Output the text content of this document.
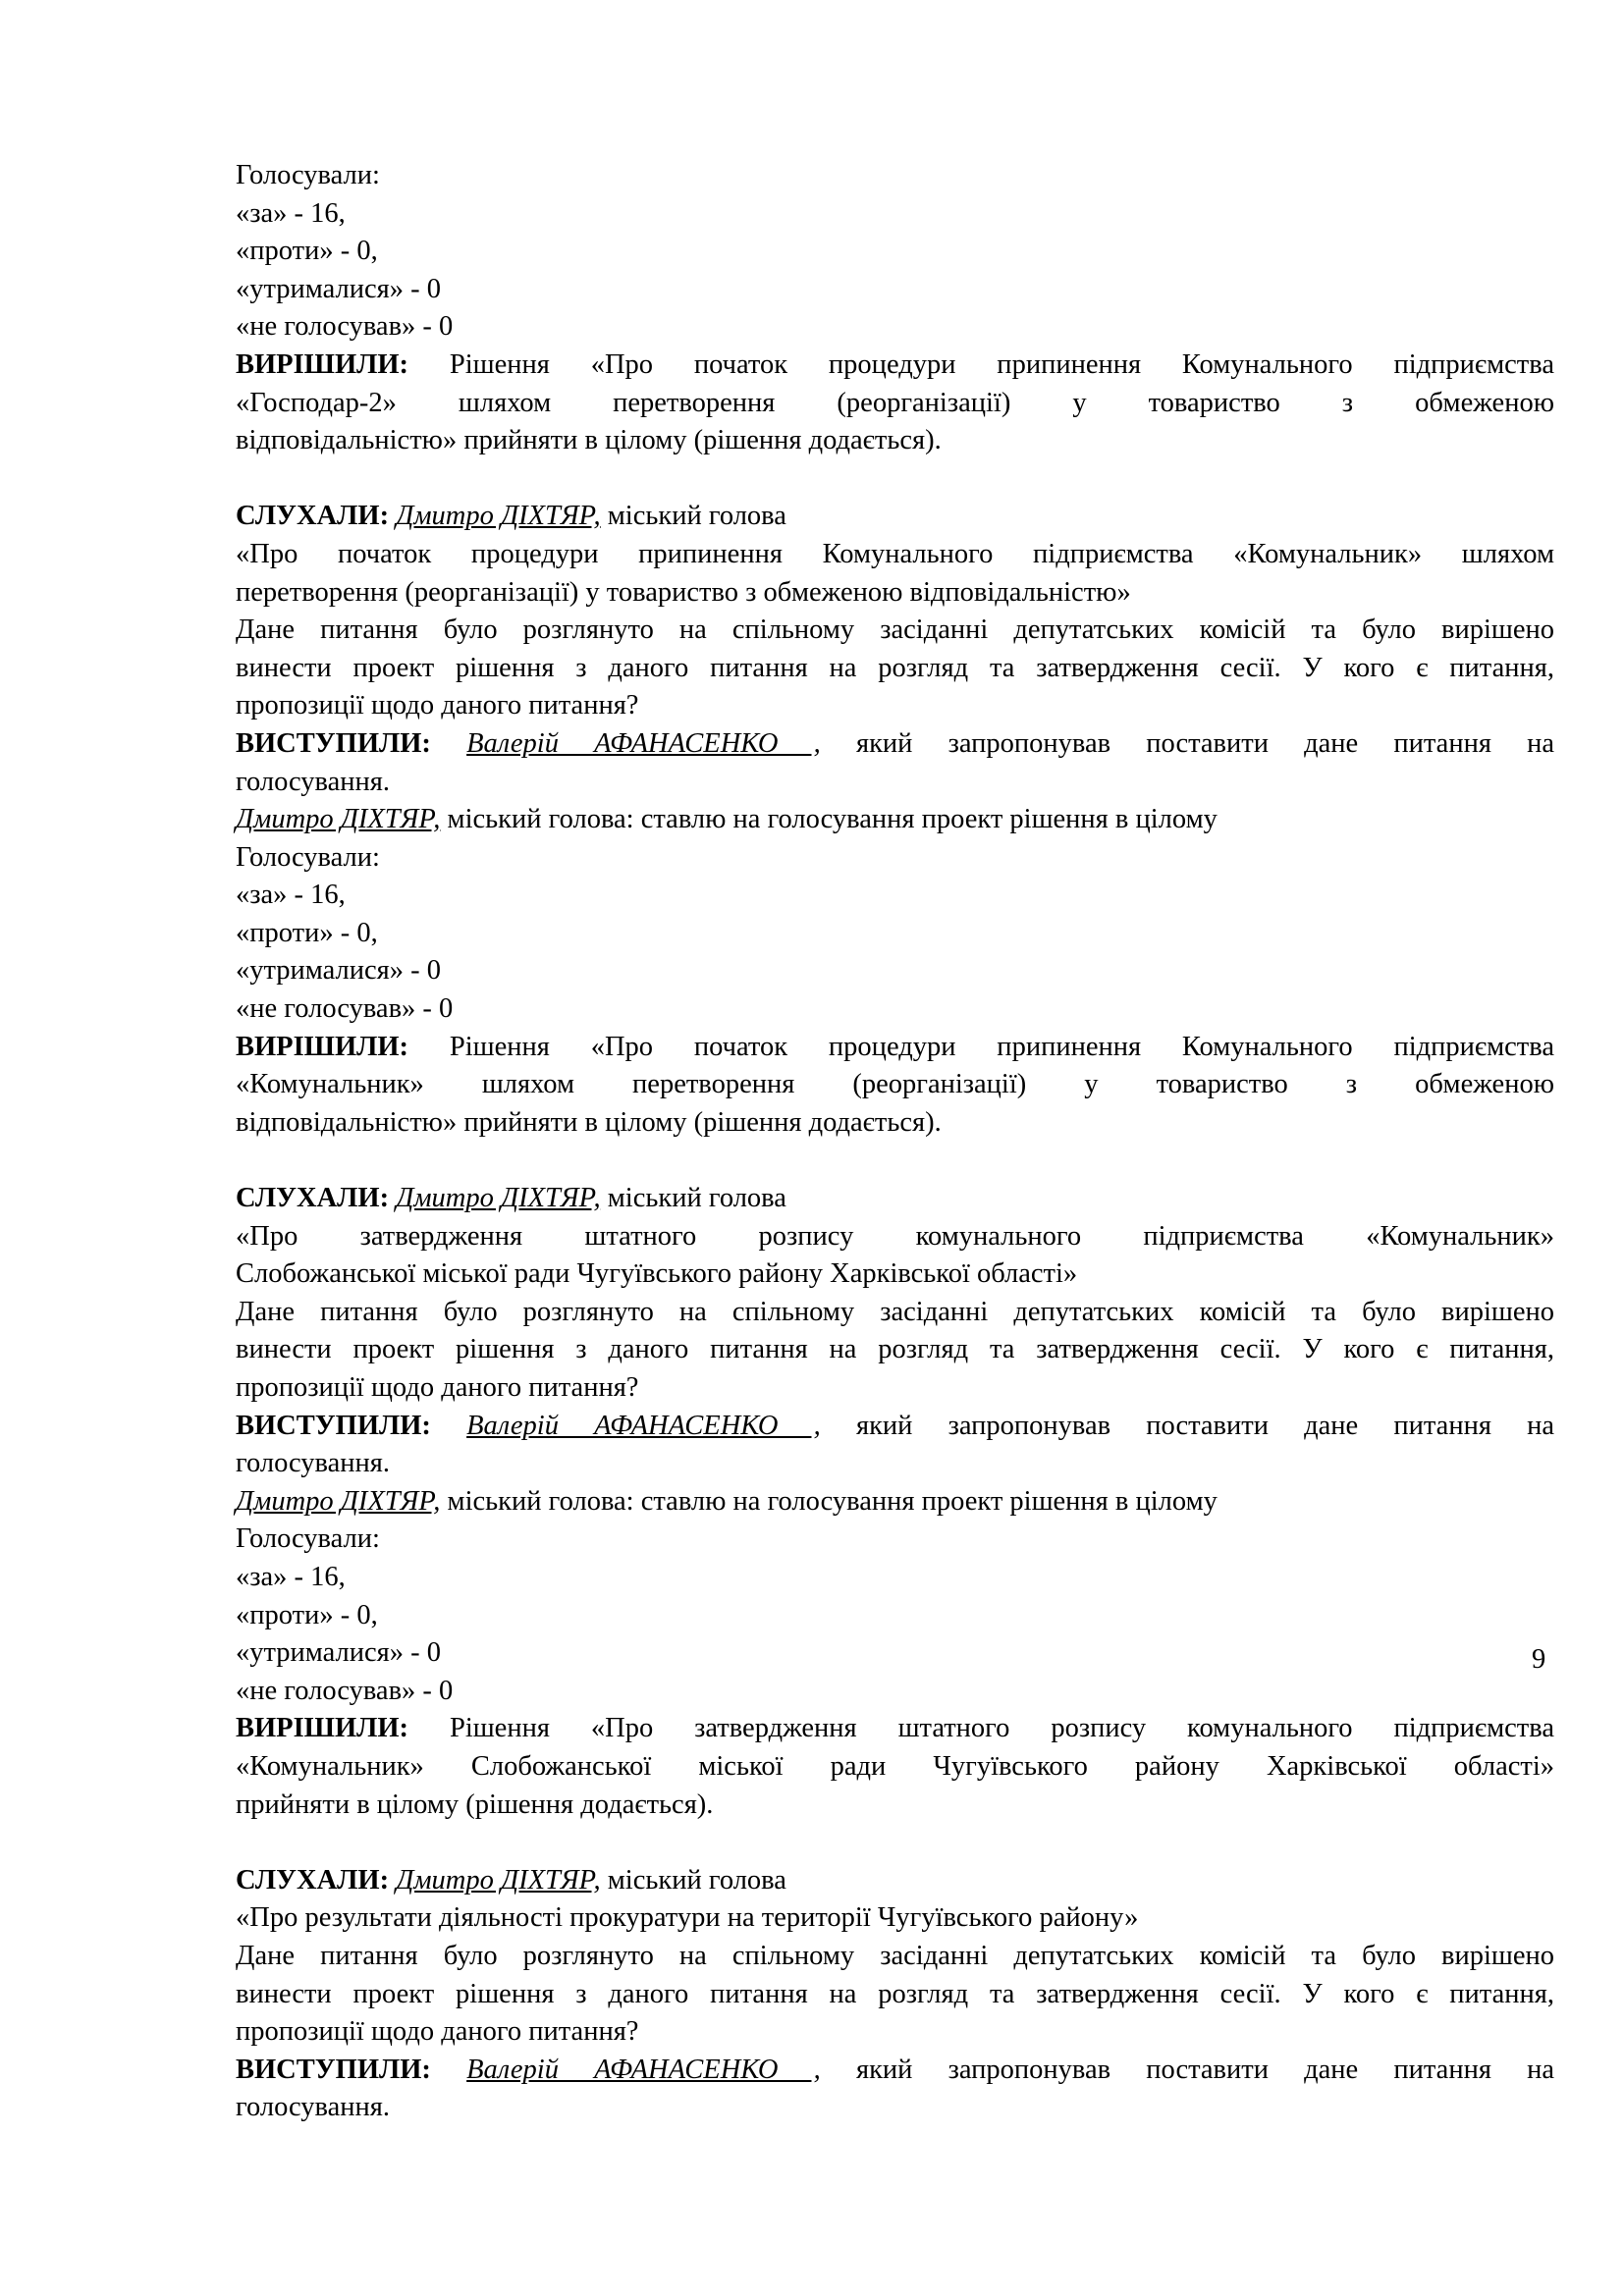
Голосували:
«за» - 16,
«проти» - 0,
«утрималися» - 0
«не голосував» - 0
ВИРІШИЛИ: Рішення «Про початок процедури припинення Комунального підприємства
«Господар-2» шляхом перетворення (реорганізації) у товариство з обмеженою
відповідальністю» прийняти в цілому (рішення додається).
СЛУХАЛИ: Дмитро ДІХТЯР, міський голова
«Про початок процедури припинення Комунального підприємства «Комунальник» шляхом
перетворення (реорганізації) у товариство з обмеженою відповідальністю»
Дане питання було розглянуто на спільному засіданні депутатських комісій та було вирішено
винести проект рішення з даного питання на розгляд та затвердження сесії. У кого є питання,
пропозиції щодо даного питання?
ВИСТУПИЛИ: Валерій АФАНАСЕНКО , який запропонував поставити дане питання на
голосування.
Дмитро ДІХТЯР, міський голова: ставлю на голосування проект рішення в цілому
Голосували:
«за» - 16,
«проти» - 0,
«утрималися» - 0
«не голосував» - 0
ВИРІШИЛИ: Рішення «Про початок процедури припинення Комунального підприємства
«Комунальник» шляхом перетворення (реорганізації) у товариство з обмеженою
відповідальністю» прийняти в цілому (рішення додається).
СЛУХАЛИ: Дмитро ДІХТЯР, міський голова
«Про затвердження штатного розпису комунального підприємства «Комунальник»
Слобожанської міської ради Чугуївського району Харківської області»
Дане питання було розглянуто на спільному засіданні депутатських комісій та було вирішено
винести проект рішення з даного питання на розгляд та затвердження сесії. У кого є питання,
пропозиції щодо даного питання?
ВИСТУПИЛИ: Валерій АФАНАСЕНКО , який запропонував поставити дане питання на
голосування.
Дмитро ДІХТЯР, міський голова: ставлю на голосування проект рішення в цілому
Голосували:
«за» - 16,
«проти» - 0,
«утрималися» - 0
«не голосував» - 0
ВИРІШИЛИ: Рішення «Про затвердження штатного розпису комунального підприємства
«Комунальник» Слобожанської міської ради Чугуївського району Харківської області»
прийняти в цілому (рішення додається).
СЛУХАЛИ: Дмитро ДІХТЯР, міський голова
«Про результати діяльності прокуратури на території Чугуївського району»
Дане питання було розглянуто на спільному засіданні депутатських комісій та було вирішено
винести проект рішення з даного питання на розгляд та затвердження сесії. У кого є питання,
пропозиції щодо даного питання?
ВИСТУПИЛИ: Валерій АФАНАСЕНКО , який запропонував поставити дане питання на
голосування.
9
